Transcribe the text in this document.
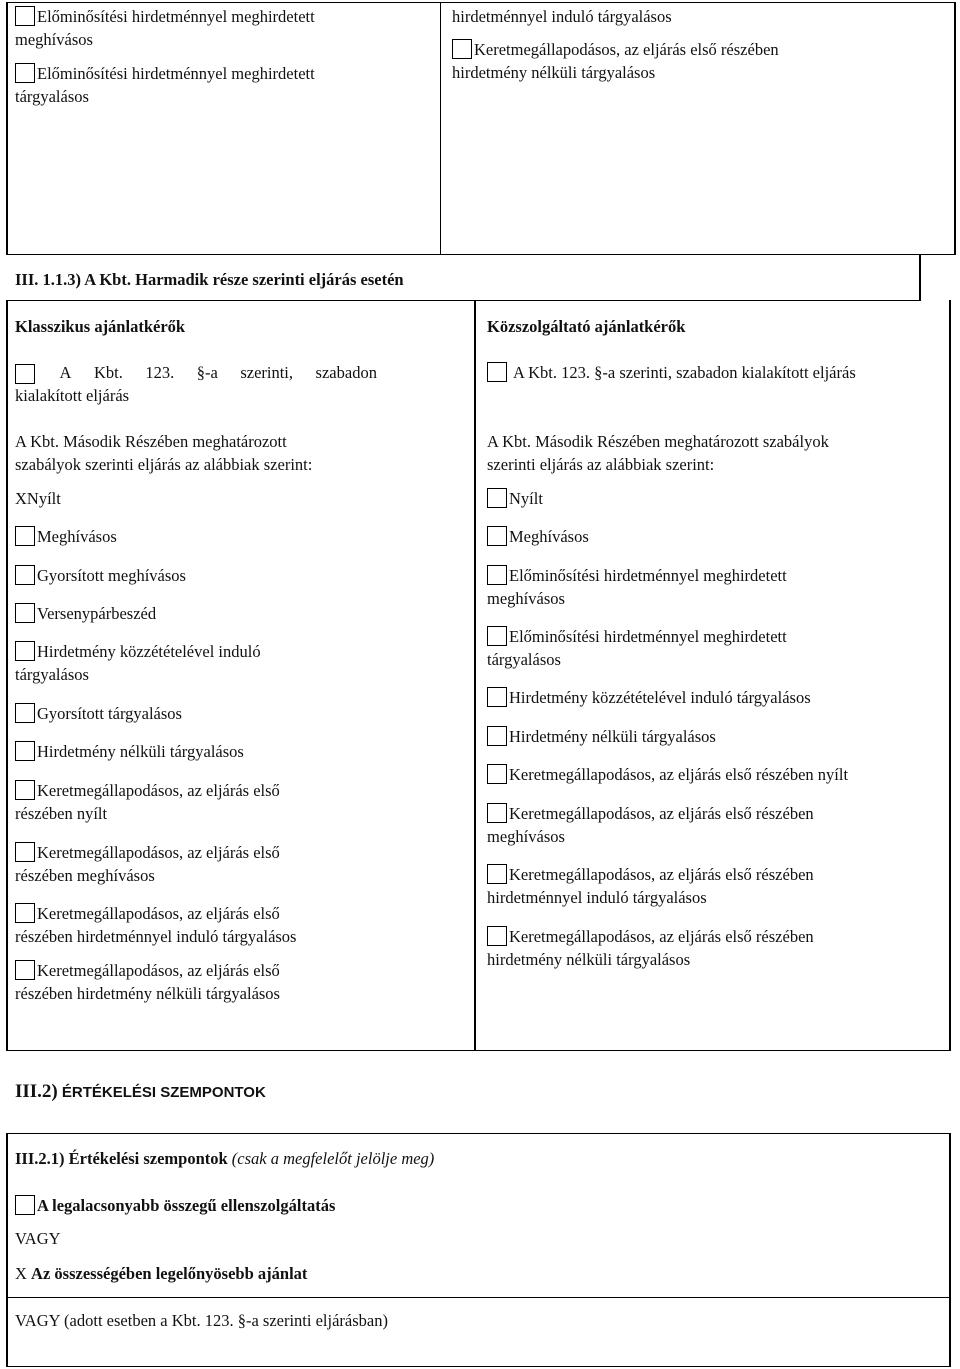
Előminősítési hirdetménnyel meghirdetett
meghívásos
Előminősítési hirdetménnyel meghirdetett
tárgyalásos
hirdetménnyel induló tárgyalásos
Keretmegállapodásos, az eljárás első részében
hirdetmény nélküli tárgyalásos
III. 1.1.3) A Kbt. Harmadik része szerinti eljárás esetén
Klasszikus ajánlatkérők
A Kbt. 123. §-a szerinti, szabadon
kialakított eljárás
A Kbt. Második Részében meghatározott
szabályok szerinti eljárás az alábbiak szerint:
XNyílt
Meghívásos
Gyorsított meghívásos
Versenypárbeszéd
Hirdetmény közzétételével induló
tárgyalásos
Gyorsított tárgyalásos
Hirdetmény nélküli tárgyalásos
Keretmegállapodásos, az eljárás első
részében nyílt
Keretmegállapodásos, az eljárás első
részében meghívásos
Keretmegállapodásos, az eljárás első
részében hirdetménnyel induló tárgyalásos
Keretmegállapodásos, az eljárás első
részében hirdetmény nélküli tárgyalásos
Közszolgáltató ajánlatkérők
A Kbt. 123. §-a szerinti, szabadon kialakított eljárás
A Kbt. Második Részében meghatározott szabályok
szerinti eljárás az alábbiak szerint:
Nyílt
Meghívásos
Előminősítési hirdetménnyel meghirdetett
meghívásos
Előminősítési hirdetménnyel meghirdetett
tárgyalásos
Hirdetmény közzétételével induló tárgyalásos
Hirdetmény nélküli tárgyalásos
Keretmegállapodásos, az eljárás első részében nyílt
Keretmegállapodásos, az eljárás első részében
meghívásos
Keretmegállapodásos, az eljárás első részében
hirdetménnyel induló tárgyalásos
Keretmegállapodásos, az eljárás első részében
hirdetmény nélküli tárgyalásos
III.2) ÉRTÉKELÉSI SZEMPONTOK
III.2.1) Értékelési szempontok (csak a megfelelőt jelölje meg)
A legalacsonyabb összegű ellenszolgáltatás
VAGY
X Az összességében legelőnyösebb ajánlat
VAGY (adott esetben a Kbt. 123. §-a szerinti eljárásban)
